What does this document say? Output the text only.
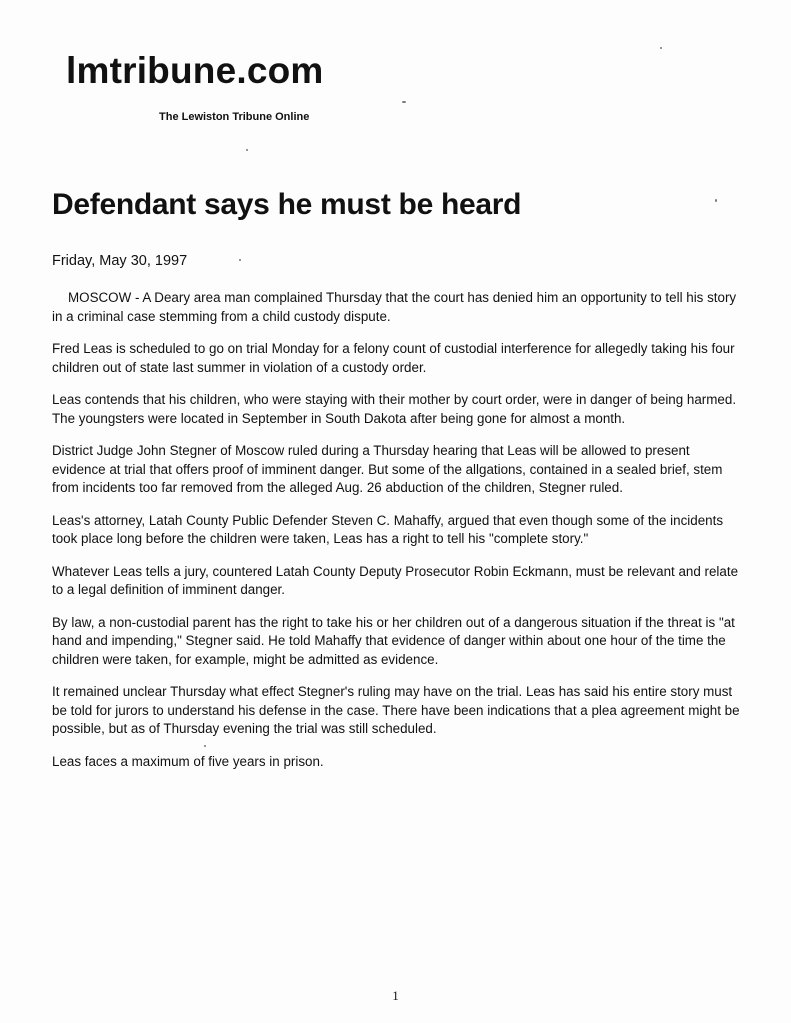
lmtribune.com
The Lewiston Tribune Online
Defendant says he must be heard
Friday, May 30, 1997

MOSCOW - A Deary area man complained Thursday that the court has denied him an opportunity to tell his story in a criminal case stemming from a child custody dispute.

Fred Leas is scheduled to go on trial Monday for a felony count of custodial interference for allegedly taking his four children out of state last summer in violation of a custody order.

Leas contends that his children, who were staying with their mother by court order, were in danger of being harmed. The youngsters were located in September in South Dakota after being gone for almost a month.

District Judge John Stegner of Moscow ruled during a Thursday hearing that Leas will be allowed to present evidence at trial that offers proof of imminent danger. But some of the allgations, contained in a sealed brief, stem from incidents too far removed from the alleged Aug. 26 abduction of the children, Stegner ruled.

Leas's attorney, Latah County Public Defender Steven C. Mahaffy, argued that even though some of the incidents took place long before the children were taken, Leas has a right to tell his "complete story."

Whatever Leas tells a jury, countered Latah County Deputy Prosecutor Robin Eckmann, must be relevant and relate to a legal definition of imminent danger.

By law, a non-custodial parent has the right to take his or her children out of a dangerous situation if the threat is "at hand and impending," Stegner said. He told Mahaffy that evidence of danger within about one hour of the time the children were taken, for example, might be admitted as evidence.

It remained unclear Thursday what effect Stegner's ruling may have on the trial. Leas has said his entire story must be told for jurors to understand his defense in the case. There have been indications that a plea agreement might be possible, but as of Thursday evening the trial was still scheduled.

Leas faces a maximum of five years in prison.

1
